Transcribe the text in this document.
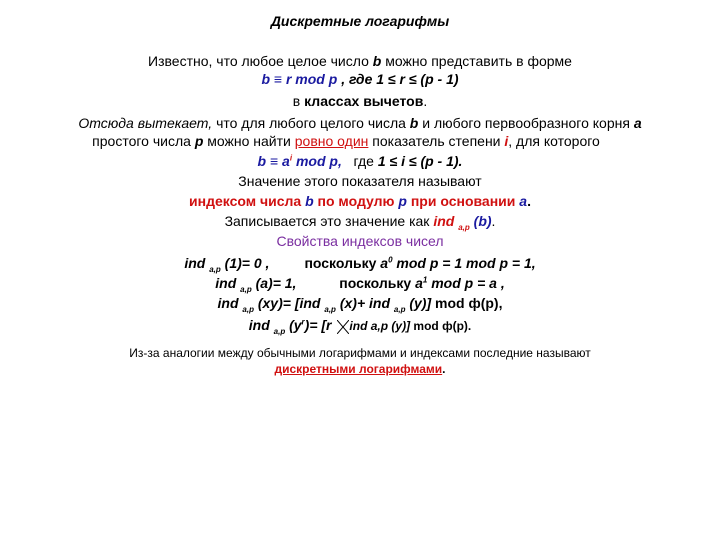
Дискретные логарифмы
Известно, что любое целое число b можно представить в форме
b ≡ r mod p , где 1 ≤ r ≤ (p - 1)
в классах вычетов.
Отсюда вытекает, что для любого целого числа b и любого первообразного корня a
простого числа p можно найти ровно один показатель степени i, для которого
$b \equiv a^i$ mod p, где 1 ≤ i ≤ (p - 1).
Значение этого показателя называют
индексом числа b по модулю p при основании a.
Записывается это значение как ind $_{a,p}$ (b).
Свойства индексов чисел
ind $_{a,p}$ (1)= 0 ,	поскольку $a^0$ mod p = 1 mod p = 1,
ind $_{a,p}$ (a)= 1,	поскольку $a^1$ mod p = a ,
ind $_{a,p}$ (xy)= [ind $_{a,p}$ (x)+ ind $_{a,p}$ (y)] mod ф(p),
ind $_{a,p}$ $(y^r)= [r$
ind a,p (y)] mod ф(p).
Из-за аналогии между обычными логарифмами и индексами последние называют
дискретными логарифмами.
